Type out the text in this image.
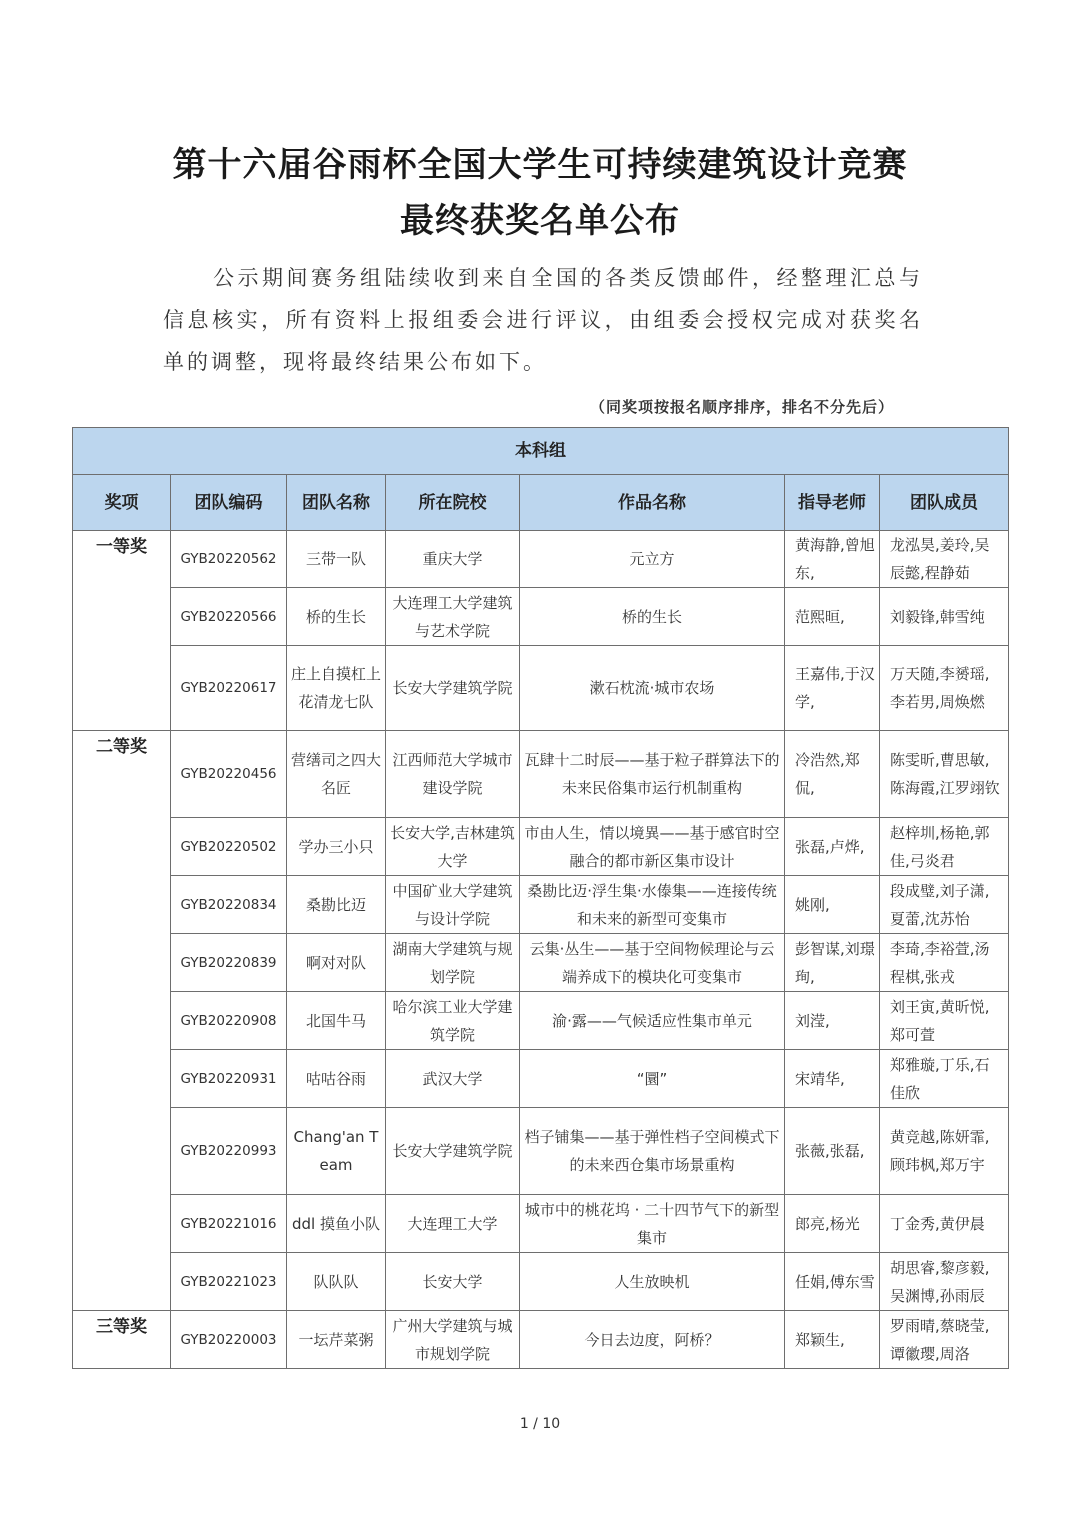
第十六届谷雨杯全国大学生可持续建筑设计竞赛
最终获奖名单公布
公示期间赛务组陆续收到来自全国的各类反馈邮件，经整理汇总与信息核实，所有资料上报组委会进行评议，由组委会授权完成对获奖名单的调整，现将最终结果公布如下。
（同奖项按报名顺序排序，排名不分先后）
本科组						
奖项	团队编码	团队名称	所在院校	作品名称	指导老师	团队成员
一等奖	GYB20220562	三带一队	重庆大学	元立方	黄海静,曾旭东,	龙泓昊,姜玲,吴辰懿,程静茹
	GYB20220566	桥的生长	大连理工大学建筑与艺术学院	桥的生长	范熙晅,	刘毅锋,韩雪纯
	GYB20220617	庄上自摸杠上花清龙七队	长安大学建筑学院	漱石枕流·城市农场	王嘉伟,于汉学,	万天随,李赟瑶,李若男,周焕燃
二等奖	GYB20220456	营缮司之四大名匠	江西师范大学城市建设学院	瓦肆十二时辰——基于粒子群算法下的未来民俗集市运行机制重构	冷浩然,郑侃,	陈雯昕,曹思敏,陈海霞,江罗翊钦
	GYB20220502	学办三小只	长安大学,吉林建筑大学	市由人生，情以境異——基于感官时空融合的都市新区集市设计	张磊,卢烨,	赵梓圳,杨艳,郭佳,弓炎君
	GYB20220834	桑勘比迈	中国矿业大学建筑与设计学院	桑勘比迈·浮生集·水傣集——连接传统和未来的新型可变集市	姚刚,	段成璧,刘子潇,夏蕾,沈苏怡
	GYB20220839	啊对对队	湖南大学建筑与规划学院	云集·丛生——基于空间物候理论与云端养成下的模块化可变集市	彭智谋,刘璟珣,	李琦,李裕萱,汤程棋,张戎
	GYB20220908	北国牛马	哈尔滨工业大学建筑学院	渝·露——气候适应性集市单元	刘滢,	刘王寅,黄昕悦,郑可萱
	GYB20220931	咕咕谷雨	武汉大学	“圜”	宋靖华,	郑雅璇,丁乐,石佳欣
	GYB20220993	Chang'an Team	长安大学建筑学院	档子铺集——基于弹性档子空间模式下的未来西仓集市场景重构	张薇,张磊,	黄竞越,陈妍霏,顾玮枫,郑万宇
	GYB20221016	ddl 摸鱼小队	大连理工大学	城市中的桃花坞 · 二十四节气下的新型集市	郎亮,杨光	丁金秀,黄伊晨
	GYB20221023	队队队	长安大学	人生放映机	任娟,傅东雪	胡思睿,黎彦毅,吴渊博,孙雨辰
三等奖	GYB20220003	一坛芹菜粥	广州大学建筑与城市规划学院	今日去边度，阿桥？	郑颖生,	罗雨晴,蔡晓莹,谭徽璎,周洛
1 / 10
